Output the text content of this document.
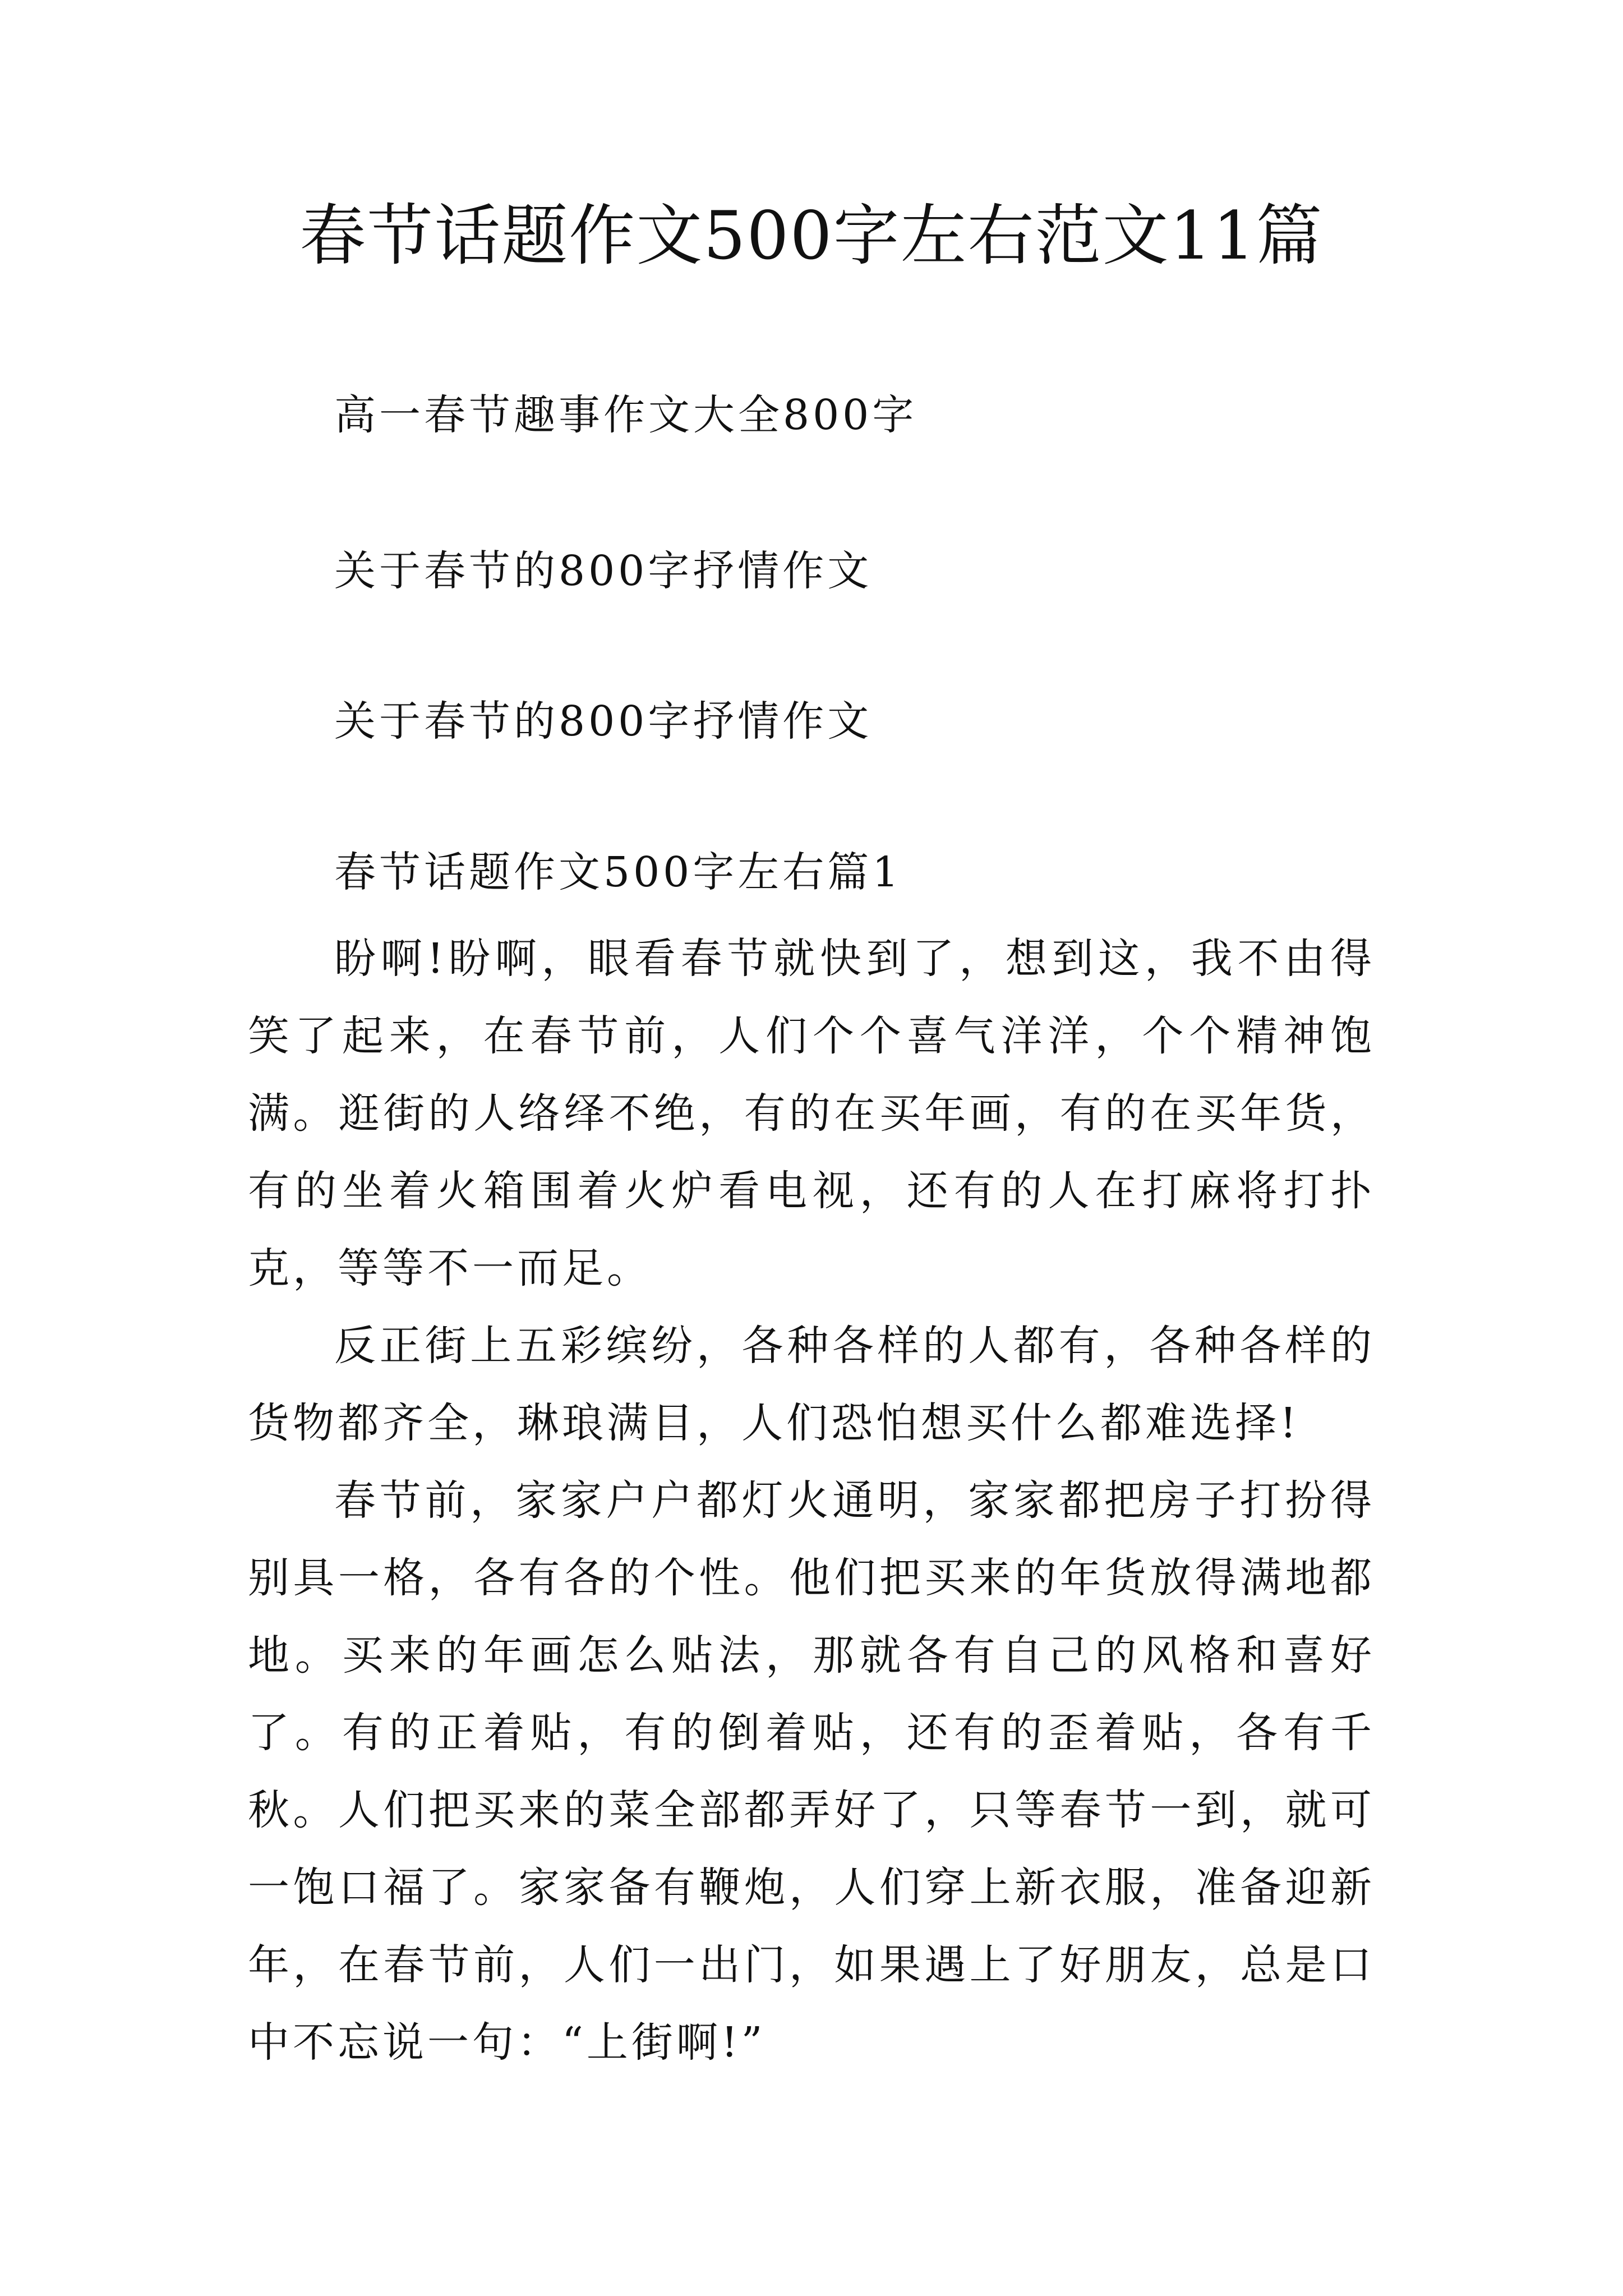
春节话题作文500字左右范文11篇

高一春节趣事作文大全800字

关于春节的800字抒情作文

关于春节的800字抒情作文

春节话题作文500字左右篇1

盼啊!盼啊，眼看春节就快到了，想到这，我不由得笑了起来，在春节前，人们个个喜气洋洋，个个精神饱满。逛街的人络绎不绝，有的在买年画，有的在买年货，有的坐着火箱围着火炉看电视，还有的人在打麻将打扑克，等等不一而足。

反正街上五彩缤纷，各种各样的人都有，各种各样的货物都齐全，琳琅满目，人们恐怕想买什么都难选择!

春节前，家家户户都灯火通明，家家都把房子打扮得别具一格，各有各的个性。他们把买来的年货放得满地都地。买来的年画怎么贴法，那就各有自己的风格和喜好了。有的正着贴，有的倒着贴，还有的歪着贴，各有千秋。人们把买来的菜全部都弄好了，只等春节一到，就可一饱口福了。家家备有鞭炮，人们穿上新衣服，准备迎新年，在春节前，人们一出门，如果遇上了好朋友，总是口中不忘说一句：“上街啊!”
